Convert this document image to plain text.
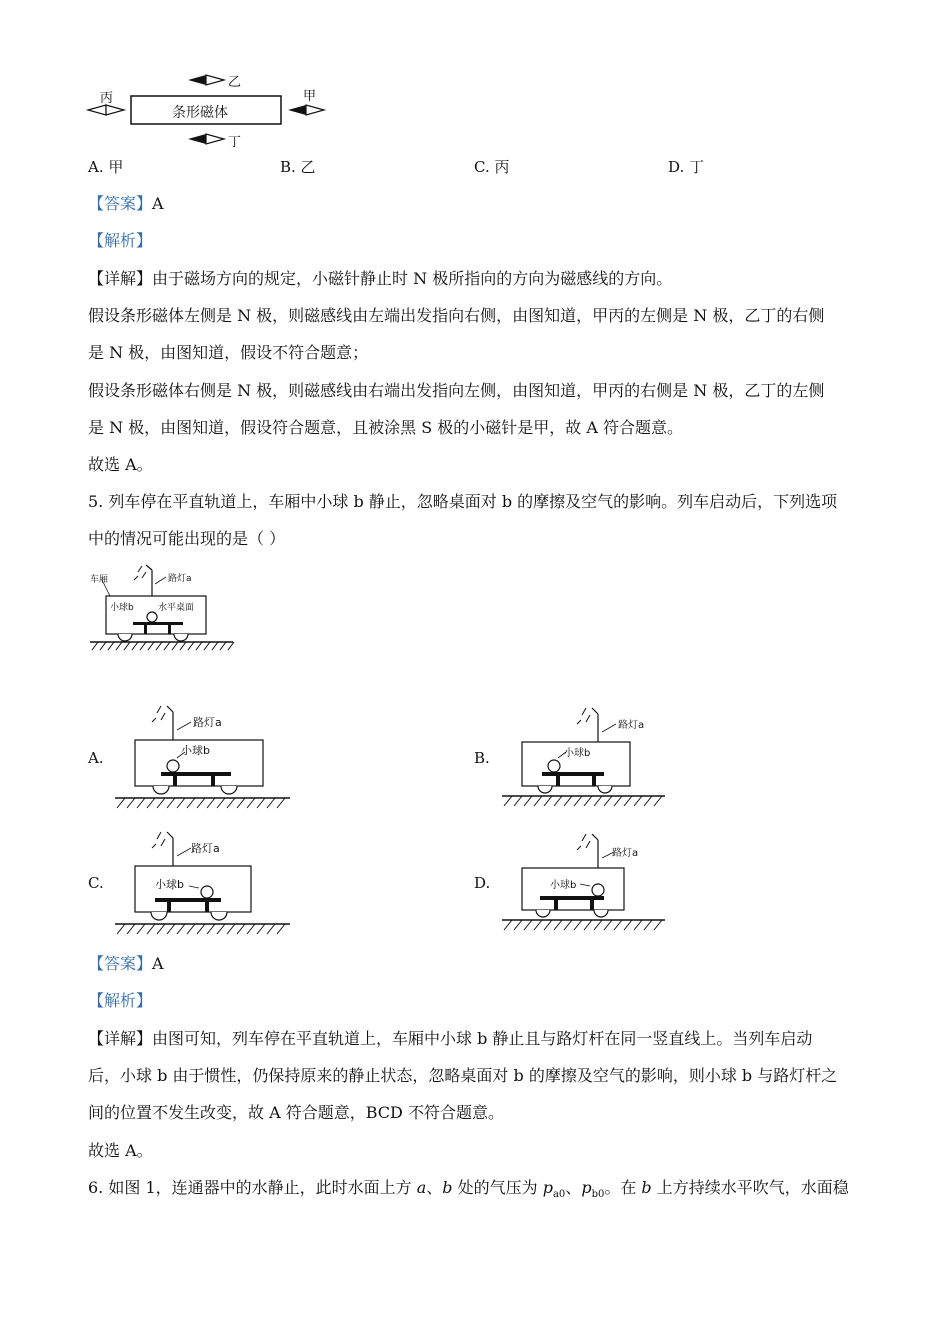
条形磁体
甲
乙
丙
丁
A. 甲	B. 乙	C. 丙	D. 丁
【答案】A
【解析】
【详解】由于磁场方向的规定，小磁针静止时 N 极所指向的方向为磁感线的方向。
假设条形磁体左侧是 N 极，则磁感线由左端出发指向右侧，由图知道，甲丙的左侧是 N 极，乙丁的右侧
是 N 极，由图知道，假设不符合题意；
假设条形磁体右侧是 N 极，则磁感线由右端出发指向左侧，由图知道，甲丙的右侧是 N 极，乙丁的左侧
是 N 极，由图知道，假设符合题意，且被涂黑 S 极的小磁针是甲，故 A 符合题意。
故选 A。
5. 列车停在平直轨道上，车厢中小球 b 静止，忽略桌面对 b 的摩擦及空气的影响。列车启动后，下列选项
中的情况可能出现的是（ ）
车厢	路灯a
小球b	水平桌面
A.
路灯a
小球b	B.
路灯a
小球b
C.
路灯a
小球b	D.
路灯a
小球b
【答案】A
【解析】
【详解】由图可知，列车停在平直轨道上，车厢中小球 b 静止且与路灯杆在同一竖直线上。当列车启动
后，小球 b 由于惯性，仍保持原来的静止状态，忽略桌面对 b 的摩擦及空气的影响，则小球 b 与路灯杆之
间的位置不发生改变，故 A 符合题意，BCD 不符合题意。
故选 A。
6. 如图 1，连通器中的水静止，此时水面上方 a、b 处的气压为 $p_{a0}$、$p_{b0}$。在 b 上方持续水平吹气，水面稳
